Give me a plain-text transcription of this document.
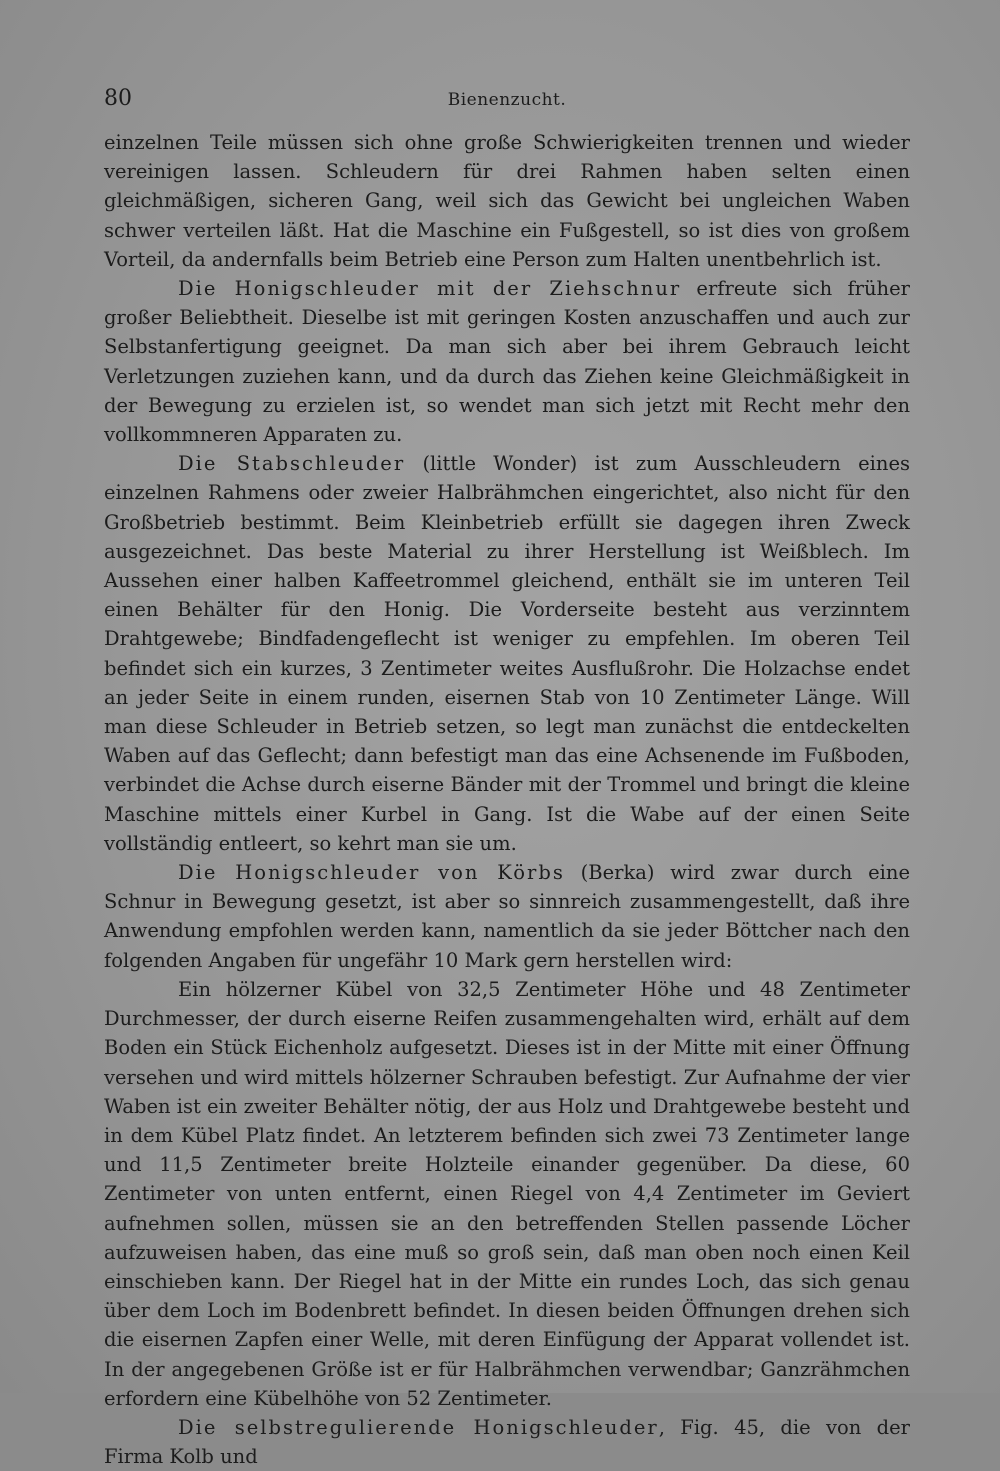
80	Bienenzucht.

einzelnen Teile müssen sich ohne große Schwierigkeiten trennen und wieder vereinigen lassen. Schleudern für drei Rahmen haben selten einen gleichmäßigen, sicheren Gang, weil sich das Gewicht bei ungleichen Waben schwer verteilen läßt. Hat die Maschine ein Fußgestell, so ist dies von großem Vorteil, da andernfalls beim Betrieb eine Person zum Halten unentbehrlich ist.

Die Honigschleuder mit der Ziehschnur erfreute sich früher großer Beliebtheit. Dieselbe ist mit geringen Kosten anzuschaffen und auch zur Selbstanfertigung geeignet. Da man sich aber bei ihrem Gebrauch leicht Verletzungen zuziehen kann, und da durch das Ziehen keine Gleichmäßigkeit in der Bewegung zu erzielen ist, so wendet man sich jetzt mit Recht mehr den vollkommneren Apparaten zu.

Die Stabschleuder (little Wonder) ist zum Ausschleudern eines einzelnen Rahmens oder zweier Halbrähmchen eingerichtet, also nicht für den Großbetrieb bestimmt. Beim Kleinbetrieb erfüllt sie dagegen ihren Zweck ausgezeichnet. Das beste Material zu ihrer Herstellung ist Weißblech. Im Aussehen einer halben Kaffeetrommel gleichend, enthält sie im unteren Teil einen Behälter für den Honig. Die Vorderseite besteht aus verzinntem Drahtgewebe; Bindfadengeflecht ist weniger zu empfehlen. Im oberen Teil befindet sich ein kurzes, 3 Zentimeter weites Ausflußrohr. Die Holzachse endet an jeder Seite in einem runden, eisernen Stab von 10 Zentimeter Länge. Will man diese Schleuder in Betrieb setzen, so legt man zunächst die entdeckelten Waben auf das Geflecht; dann befestigt man das eine Achsenende im Fußboden, verbindet die Achse durch eiserne Bänder mit der Trommel und bringt die kleine Maschine mittels einer Kurbel in Gang. Ist die Wabe auf der einen Seite vollständig entleert, so kehrt man sie um.

Die Honigschleuder von Körbs (Berka) wird zwar durch eine Schnur in Bewegung gesetzt, ist aber so sinnreich zusammengestellt, daß ihre Anwendung empfohlen werden kann, namentlich da sie jeder Böttcher nach den folgenden Angaben für ungefähr 10 Mark gern herstellen wird:

Ein hölzerner Kübel von 32,5 Zentimeter Höhe und 48 Zentimeter Durchmesser, der durch eiserne Reifen zusammengehalten wird, erhält auf dem Boden ein Stück Eichenholz aufgesetzt. Dieses ist in der Mitte mit einer Öffnung versehen und wird mittels hölzerner Schrauben befestigt. Zur Aufnahme der vier Waben ist ein zweiter Behälter nötig, der aus Holz und Drahtgewebe besteht und in dem Kübel Platz findet. An letzterem befinden sich zwei 73 Zentimeter lange und 11,5 Zentimeter breite Holzteile einander gegenüber. Da diese, 60 Zentimeter von unten entfernt, einen Riegel von 4,4 Zentimeter im Geviert aufnehmen sollen, müssen sie an den betreffenden Stellen passende Löcher aufzuweisen haben, das eine muß so groß sein, daß man oben noch einen Keil einschieben kann. Der Riegel hat in der Mitte ein rundes Loch, das sich genau über dem Loch im Bodenbrett befindet. In diesen beiden Öffnungen drehen sich die eisernen Zapfen einer Welle, mit deren Einfügung der Apparat vollendet ist. In der angegebenen Größe ist er für Halbrähmchen verwendbar; Ganzrähmchen erfordern eine Kübelhöhe von 52 Zentimeter.

Die selbstregulierende Honigschleuder, Fig. 45, die von der Firma Kolb und
